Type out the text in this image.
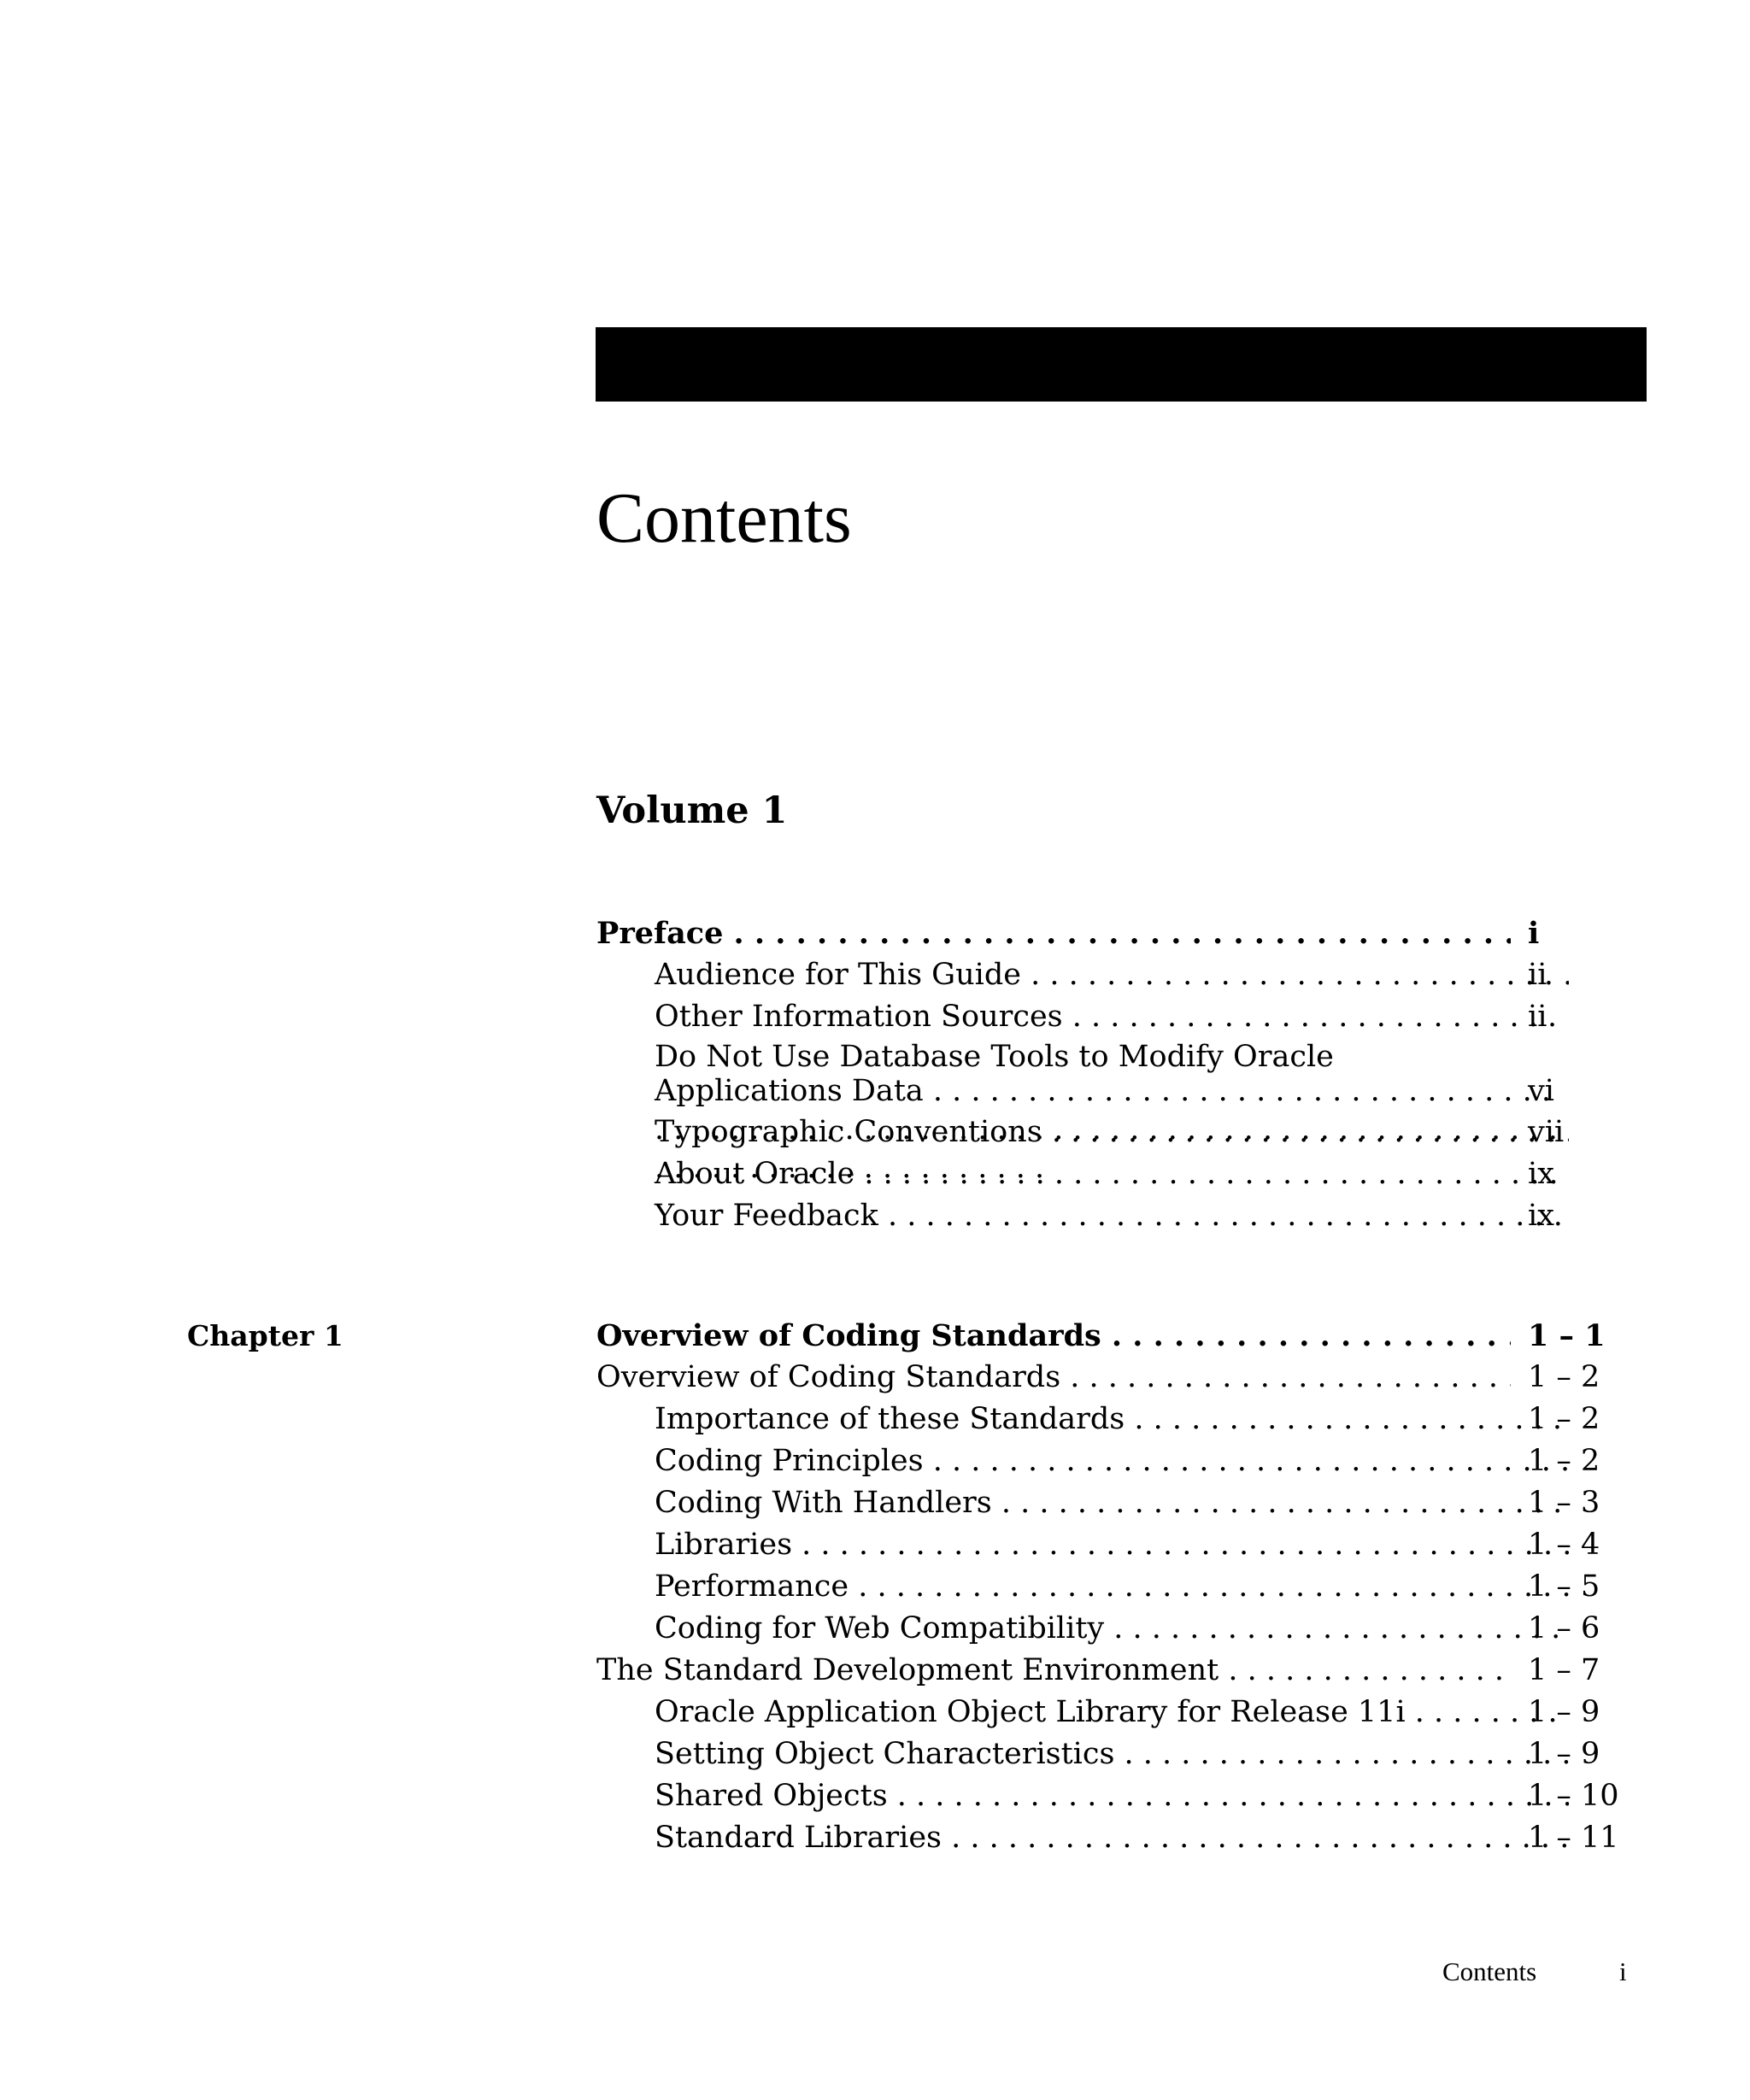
Contents
Volume 1
Preface . . .	i
Audience for This Guide . . .	ii
Other Information Sources . . .	ii
Do Not Use Database Tools to Modify Oracle
Applications Data . . .	vi
Typographic Conventions . . .	vii
About Oracle . . .	ix
Your Feedback . . .	ix
Chapter 1	Overview of Coding Standards . . .	1 – 1
Overview of Coding Standards . . .	1 – 2
Importance of these Standards . . .	1 – 2
Coding Principles . . .	1 – 2
Coding With Handlers . . .	1 – 3
Libraries . . .	1 – 4
Performance . . .	1 – 5
Coding for Web Compatibility . . .	1 – 6
The Standard Development Environment . . .	1 – 7
Oracle Application Object Library for Release 11i . . .	1 – 9
Setting Object Characteristics . . .	1 – 9
Shared Objects . . .	1 – 10
Standard Libraries . . .	1 – 11
Contents	i
